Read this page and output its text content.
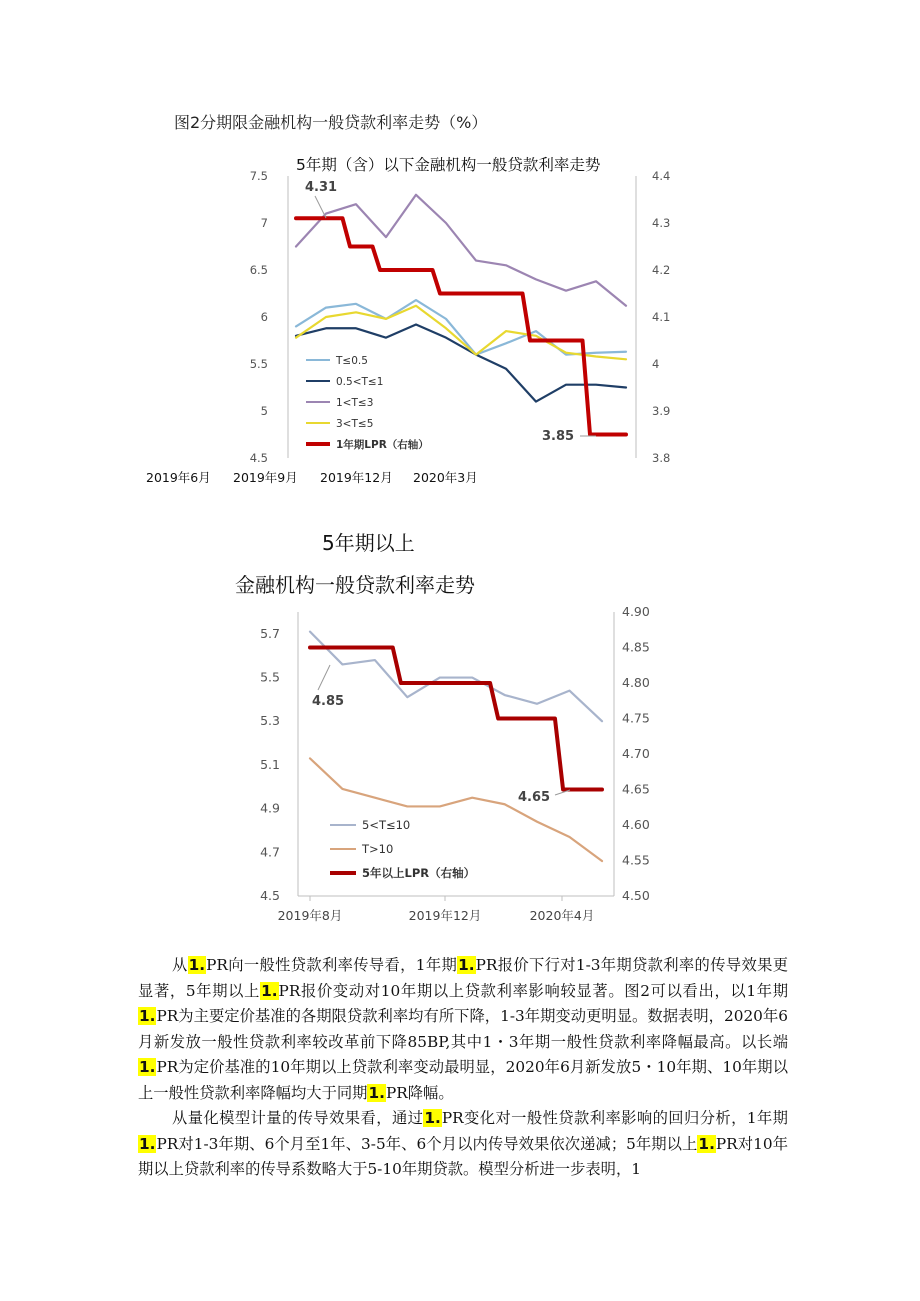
图2分期限金融机构一般贷款利率走势（%）
5年期（含）以下金融机构一般贷款利率走势
7.5
7
6.5
6
5.5
5
4.5
4.4
4.3
4.2
4.1
4
3.9
3.8
T≤0.5
0.5<T≤1
1<T≤3
3<T≤5
1年期LPR（右轴）
4.31
3.85
2019年6月 2019年9月 2019年12月 2020年3月
5年期以上
金融机构一般贷款利率走势
5.7
5.5
5.3
5.1
4.9
4.7
4.5
4.90
4.85
4.80
4.75
4.70
4.65
4.60
4.55
4.50
5<T≤10
T>10
5年以上LPR（右轴）
4.85
4.65
2019年8月	2019年12月	2020年4月

从1.PR向一般性贷款利率传导看，1年期1.PR报价下行对1-3年期贷款利率的传导效果更显著，5年期以上1.PR报价变动对10年期以上贷款利率影响较显著。图2可以看出，以1年期1.PR为主要定价基准的各期限贷款利率均有所下降，1-3年期变动更明显。数据表明，2020年6月新发放一般性贷款利率较改革前下降85BP,其中1・3年期一般性贷款利率降幅最高。以长端1.PR为定价基准的10年期以上贷款利率变动最明显，2020年6月新发放5・10年期、10年期以上一般性贷款利率降幅均大于同期1.PR降幅。

从量化模型计量的传导效果看，通过1.PR变化对一般性贷款利率影响的回归分析，1年期1.PR对1-3年期、6个月至1年、3-5年、6个月以内传导效果依次递减；5年期以上1.PR对10年期以上贷款利率的传导系数略大于5-10年期贷款。模型分析进一步表明，1
